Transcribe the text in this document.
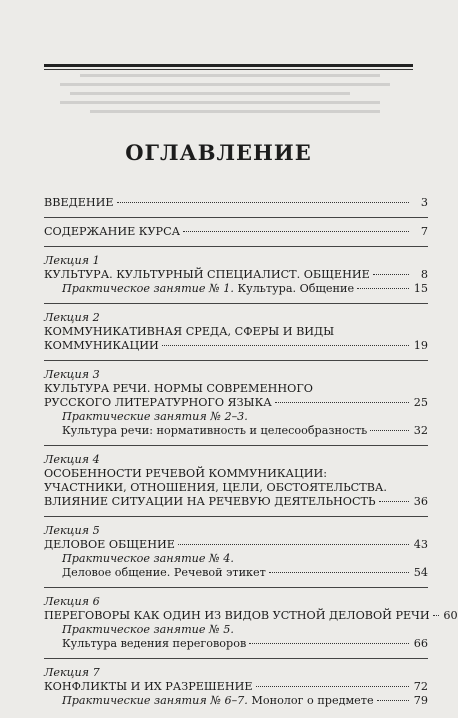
ОГЛАВЛЕНИЕ
ВВЕДЕНИЕ	3
СОДЕРЖАНИЕ КУРСА	7
Лекция 1
КУЛЬТУРА. КУЛЬТУРНЫЙ СПЕЦИАЛИСТ. ОБЩЕНИЕ	8
Практическое занятие № 1. Культура. Общение	15
Лекция 2
КОММУНИКАТИВНАЯ СРЕДА, СФЕРЫ И ВИДЫ
КОММУНИКАЦИИ	19
Лекция 3
КУЛЬТУРА РЕЧИ. НОРМЫ СОВРЕМЕННОГО
РУССКОГО ЛИТЕРАТУРНОГО ЯЗЫКА	25
Практические занятия № 2–3.
Культура речи: нормативность и целесообразность	32
Лекция 4
ОСОБЕННОСТИ РЕЧЕВОЙ КОММУНИКАЦИИ:
УЧАСТНИКИ, ОТНОШЕНИЯ, ЦЕЛИ, ОБСТОЯТЕЛЬСТВА.
ВЛИЯНИЕ СИТУАЦИИ НА РЕЧЕВУЮ ДЕЯТЕЛЬНОСТЬ	36
Лекция 5
ДЕЛОВОЕ ОБЩЕНИЕ	43
Практическое занятие № 4.
Деловое общение. Речевой этикет	54
Лекция 6
ПЕРЕГОВОРЫ КАК ОДИН ИЗ ВИДОВ УСТНОЙ ДЕЛОВОЙ РЕЧИ 60
Практическое занятие № 5.
Культура ведения переговоров	66
Лекция 7
КОНФЛИКТЫ И ИХ РАЗРЕШЕНИЕ	72
Практические занятия № 6–7. Монолог о предмете	79
